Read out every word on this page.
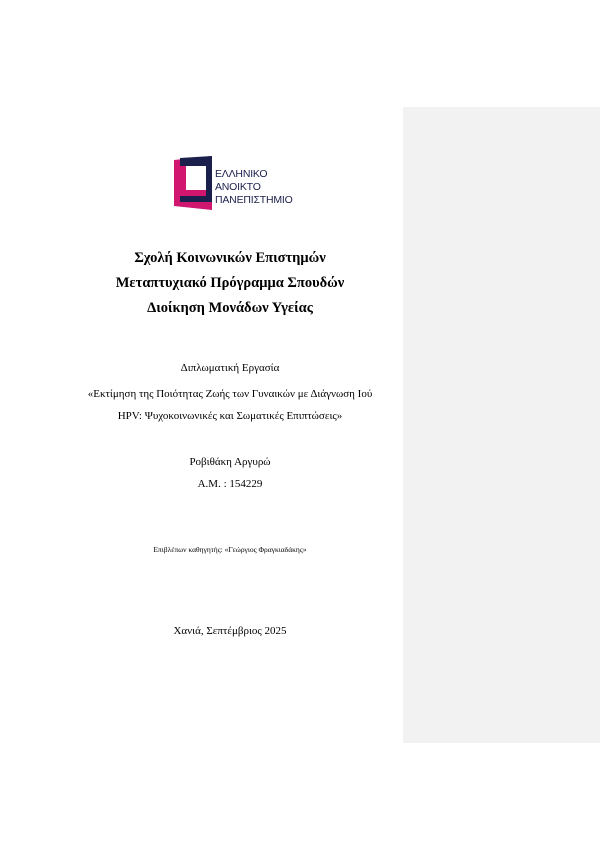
ΕΛΛΗΝΙΚΟ
ΑΝΟΙΚΤΟ
ΠΑΝΕΠΙΣΤΗΜΙΟ
Σχολή Κοινωνικών Επιστημών
Μεταπτυχιακό Πρόγραμμα Σπουδών
Διοίκηση Μονάδων Υγείας
Διπλωματική Εργασία
«Εκτίμηση της Ποιότητας Ζωής των Γυναικών με Διάγνωση Ιού
HPV: Ψυχοκοινωνικές και Σωματικές Επιπτώσεις»
Ροβιθάκη Αργυρώ
Α.Μ. : 154229
Επιβλέπων καθηγητής: «Γεώργιος Φραγκιαδάκης»
Χανιά, Σεπτέμβριος 2025
